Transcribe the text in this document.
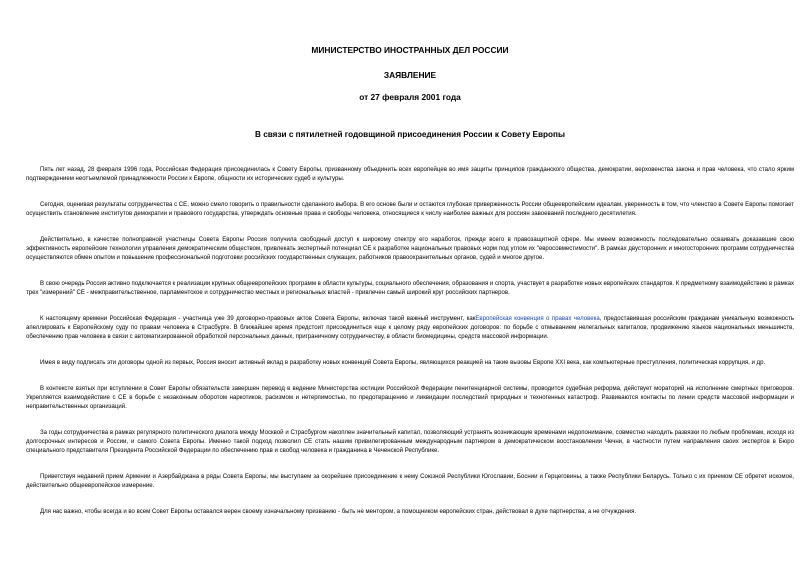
МИНИСТЕРСТВО ИНОСТРАННЫХ ДЕЛ РОССИИ

ЗАЯВЛЕНИЕ

от 27 февраля 2001 года

В связи с пятилетней годовщиной присоединения России к Совету Европы

Пять лет назад, 28 февраля 1996 года, Российская Федерация присоединилась к Совету Европы, призванному объединить всех европейцев во имя защиты принципов гражданского общества, демократии, верховенства закона и прав человека, что стало ярким подтверждением неотъемлемой принадлежности России к Европе, общности их исторических судеб и культуры.

Сегодня, оценивая результаты сотрудничества с СЕ, можно смело говорить о правильности сделанного выбора. В его основе были и остаются глубокая приверженность России общеевропейским идеалам, уверенность в том, что членство в Совете Европы помогает осуществить становление институтов демократии и правового государства, утверждать основные права и свободы человека, относящиеся к числу наиболее важных для россиян завоеваний последнего десятилетия.

Действительно, в качестве полноправной участницы Совета Европы Россия получила свободный доступ к широкому спектру его наработок, прежде всего в правозащитной сфере. Мы имеем возможность последовательно осваивать доказавшие свою эффективность европейские технологии управления демократическим обществом, привлекать экспертный потенциал СЕ к разработке национальных правовых норм под углом их "евросовместимости". В рамках двусторонних и многосторонних программ сотрудничества осуществляются обмен опытом и повышение профессиональной подготовки российских государственных служащих, работников правоохранительных органов, судей и многое другое.

В свою очередь Россия активно подключается к реализации крупных общеевропейских программ в области культуры, социального обеспечения, образования и спорта, участвует в разработке новых европейских стандартов. К предметному взаимодействию в рамках трех "измерений" СЕ - межправительственное, парламентское и сотрудничество местных и региональных властей - привлечен самый широкий круг российских партнеров.

К настоящему времени Российская Федерация - участница уже 39 договорно-правовых актов Совета Европы, включая такой важный инструмент, какЕвропейская конвенция о правах человека, предоставившая российским гражданам уникальную возможность апеллировать к Европейскому суду по правам человека в Страсбурге. В ближайшее время предстоит присоединиться еще к целому ряду европейских договоров: по борьбе с отмыванием нелегальных капиталов, продвижению языков национальных меньшинств, обеспечению прав человека в связи с автоматизированной обработкой персональных данных, приграничному сотрудничеству, в области биомедицины, средств массовой информации.

Имея в виду подписать эти договоры одной из первых, Россия вносит активный вклад в разработку новых конвенций Совета Европы, являющихся реакцией на такие вызовы Европе XXI века, как компьютерные преступления, политическая коррупция, и др.

В контексте взятых при вступлении в Совет Европы обязательств завершен перевод в ведение Министерства юстиции Российской Федерации пенитенциарной системы, проводится судебная реформа, действует мораторий на исполнение смертных приговоров. Укрепляется взаимодействие с СЕ в борьбе с незаконным оборотом наркотиков, расизмом и нетерпимостью, по предотвращению и ликвидации последствий природных и техногенных катастроф. Развиваются контакты по линии средств массовой информации и неправительственных организаций.

За годы сотрудничества в рамках регулярного политического диалога между Москвой и Страсбургом накоплен значительный капитал, позволяющий устранять возникающие временами недопонимание, совместно находить развязки по любым проблемам, исходя из долгосрочных интересов и России, и самого Совета Европы. Именно такой подход позволил СЕ стать нашим привилегированным международным партнером в демократическом восстановлении Чечни, в частности путем направления своих экспертов в Бюро специального представителя Президента Российской Федерации по обеспечению прав и свобод человека и гражданина в Чеченской Республике.

Приветствуя недавний прием Армении и Азербайджана в ряды Совета Европы, мы выступаем за скорейшее присоединение к нему Союзной Республики Югославии, Боснии и Герцеговины, а также Республики Беларусь. Только с их приемом СЕ обретет искомое, действительно общеевропейское измерение.

Для нас важно, чтобы всегда и во всем Совет Европы оставался верен своему изначальному призванию - быть не ментором, а помощником европейских стран, действовал в духе партнерства, а не отчуждения.
